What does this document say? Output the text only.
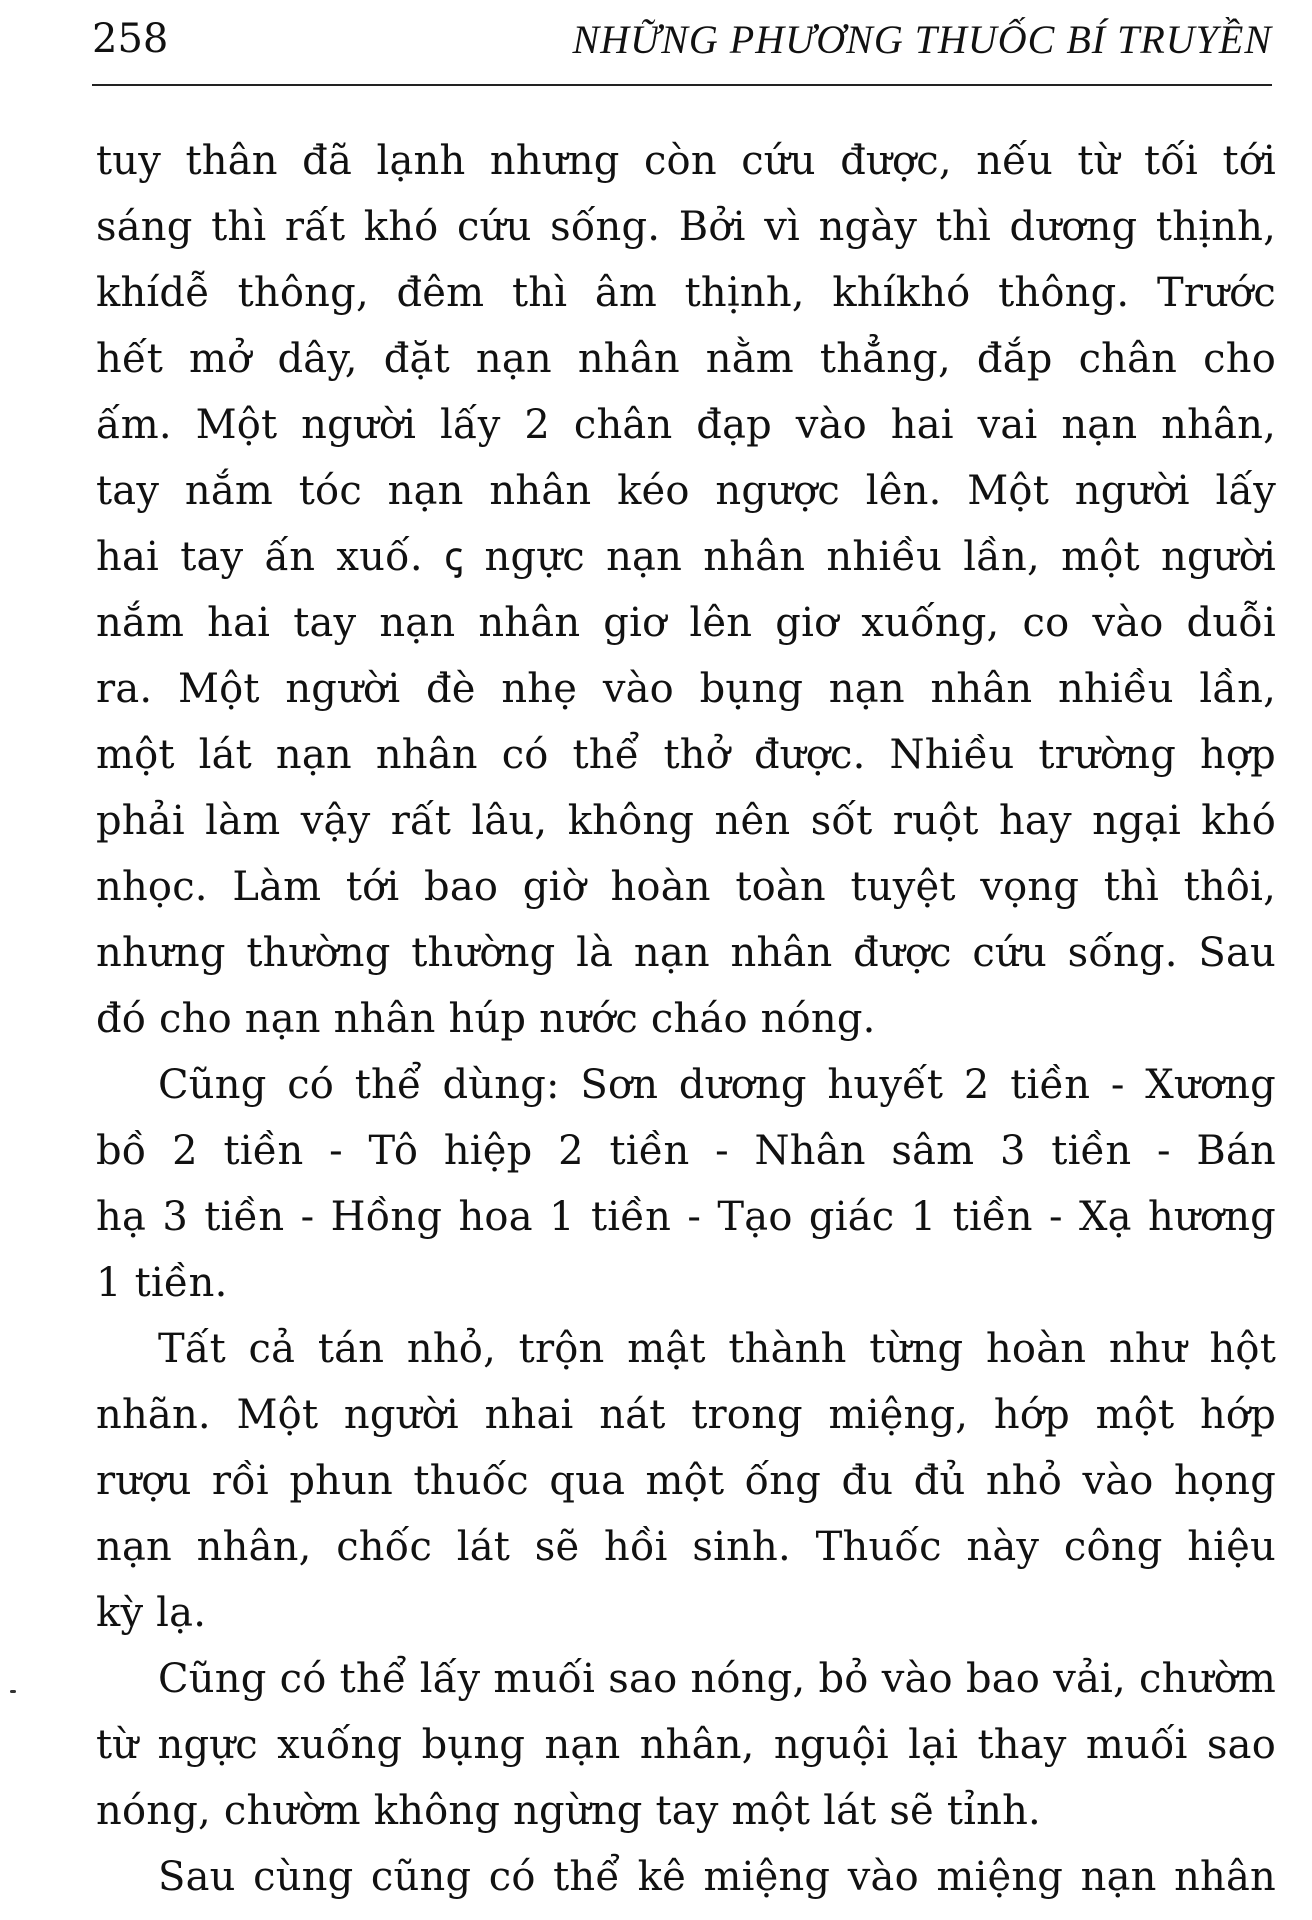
258	NHỮNG PHƯƠNG THUỐC BÍ TRUYỀN
tuy thân đã lạnh nhưng còn cứu được, nếu từ tối tới
sáng thì rất khó cứu sống. Bởi vì ngày thì dương thịnh,
khídễ thông, đêm thì âm thịnh, khíkhó thông. Trước
hết mở dây, đặt nạn nhân nằm thẳng, đắp chân cho
ấm. Một người lấy 2 chân đạp vào hai vai nạn nhân,
tay nắm tóc nạn nhân kéo ngược lên. Một người lấy
hai tay ấn xuố. ꞔ ngực nạn nhân nhiều lần, một người
nắm hai tay nạn nhân giơ lên giơ xuống, co vào duỗi
ra. Một người đè nhẹ vào bụng nạn nhân nhiều lần,
một lát nạn nhân có thể thở được. Nhiều trường hợp
phải làm vậy rất lâu, không nên sốt ruột hay ngại khó
nhọc. Làm tới bao giờ hoàn toàn tuyệt vọng thì thôi,
nhưng thường thường là nạn nhân được cứu sống. Sau
đó cho nạn nhân húp nước cháo nóng.
Cũng có thể dùng: Sơn dương huyết 2 tiền - Xương
bồ 2 tiền - Tô hiệp 2 tiền - Nhân sâm 3 tiền - Bán
hạ 3 tiền - Hồng hoa 1 tiền - Tạo giác 1 tiền - Xạ hương
1 tiền.
Tất cả tán nhỏ, trộn mật thành từng hoàn như hột
nhãn. Một người nhai nát trong miệng, hớp một hớp
rượu rồi phun thuốc qua một ống đu đủ nhỏ vào họng
nạn nhân, chốc lát sẽ hồi sinh. Thuốc này công hiệu
kỳ lạ.
Cũng có thể lấy muối sao nóng, bỏ vào bao vải, chườm
từ ngực xuống bụng nạn nhân, nguội lại thay muối sao
nóng, chườm không ngừng tay một lát sẽ tỉnh.
Sau cùng cũng có thể kê miệng vào miệng nạn nhân
